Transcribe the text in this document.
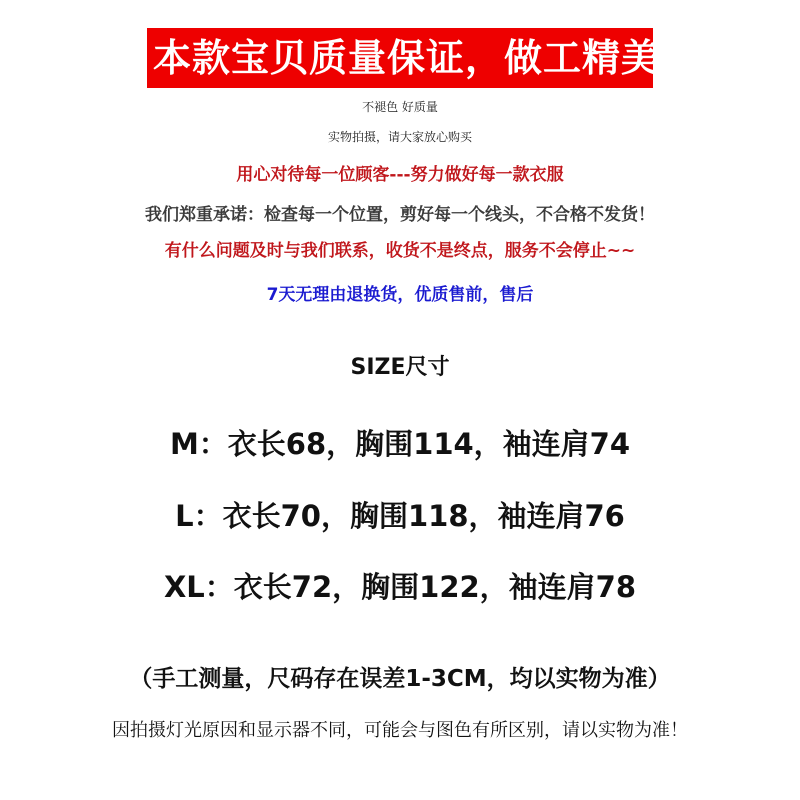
本款宝贝质量保证，做工精美
不褪色 好质量
实物拍摄，请大家放心购买
用心对待每一位顾客---努力做好每一款衣服
我们郑重承诺：检查每一个位置，剪好每一个线头，不合格不发货！
有什么问题及时与我们联系，收货不是终点，服务不会停止~~
7天无理由退换货，优质售前，售后
SIZE尺寸
M：衣长68，胸围114，袖连肩74
L：衣长70，胸围118，袖连肩76
XL：衣长72，胸围122，袖连肩78
（手工测量，尺码存在误差1-3CM，均以实物为准）
因拍摄灯光原因和显示器不同，可能会与图色有所区别，请以实物为准！
